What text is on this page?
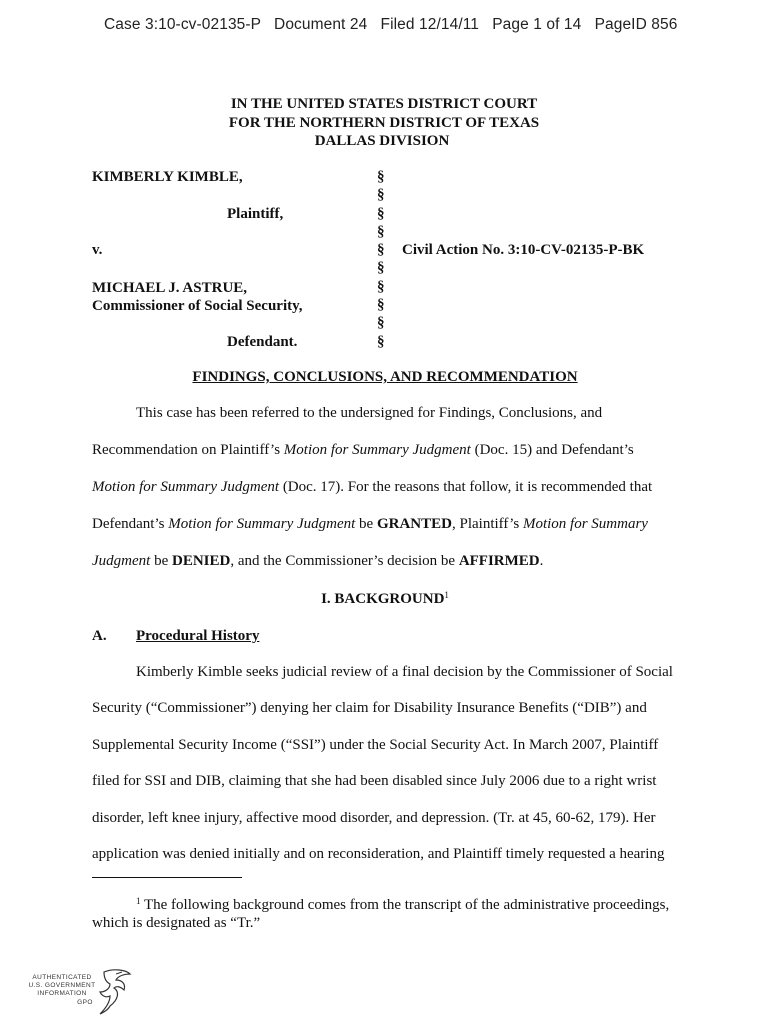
Case 3:10-cv-02135-P   Document 24   Filed 12/14/11   Page 1 of 14   PageID 856
IN THE UNITED STATES DISTRICT COURT
FOR THE NORTHERN DISTRICT OF TEXAS
DALLAS DIVISION
KIMBERLY KIMBLE,
Plaintiff,
v.	Civil Action No. 3:10-CV-02135-P-BK
MICHAEL J. ASTRUE,
Commissioner of Social Security,
Defendant.
§
§
§
§
§
§
§
§
§
§
FINDINGS, CONCLUSIONS, AND RECOMMENDATION
This case has been referred to the undersigned for Findings, Conclusions, and
Recommendation on Plaintiff’s Motion for Summary Judgment (Doc. 15) and Defendant’s
Motion for Summary Judgment (Doc. 17). For the reasons that follow, it is recommended that
Defendant’s Motion for Summary Judgment be GRANTED, Plaintiff’s Motion for Summary
Judgment be DENIED, and the Commissioner’s decision be AFFIRMED.
I. BACKGROUND$^1$
A. Procedural History
Kimberly Kimble seeks judicial review of a final decision by the Commissioner of Social
Security (“Commissioner”) denying her claim for Disability Insurance Benefits (“DIB”) and
Supplemental Security Income (“SSI”) under the Social Security Act. In March 2007, Plaintiff
filed for SSI and DIB, claiming that she had been disabled since July 2006 due to a right wrist
disorder, left knee injury, affective mood disorder, and depression. (Tr. at 45, 60-62, 179). Her
application was denied initially and on reconsideration, and Plaintiff timely requested a hearing
$^1$ The following background comes from the transcript of the administrative proceedings,
which is designated as “Tr.”
AUTHENTICATED
U.S. GOVERNMENT
INFORMATION
GPO
